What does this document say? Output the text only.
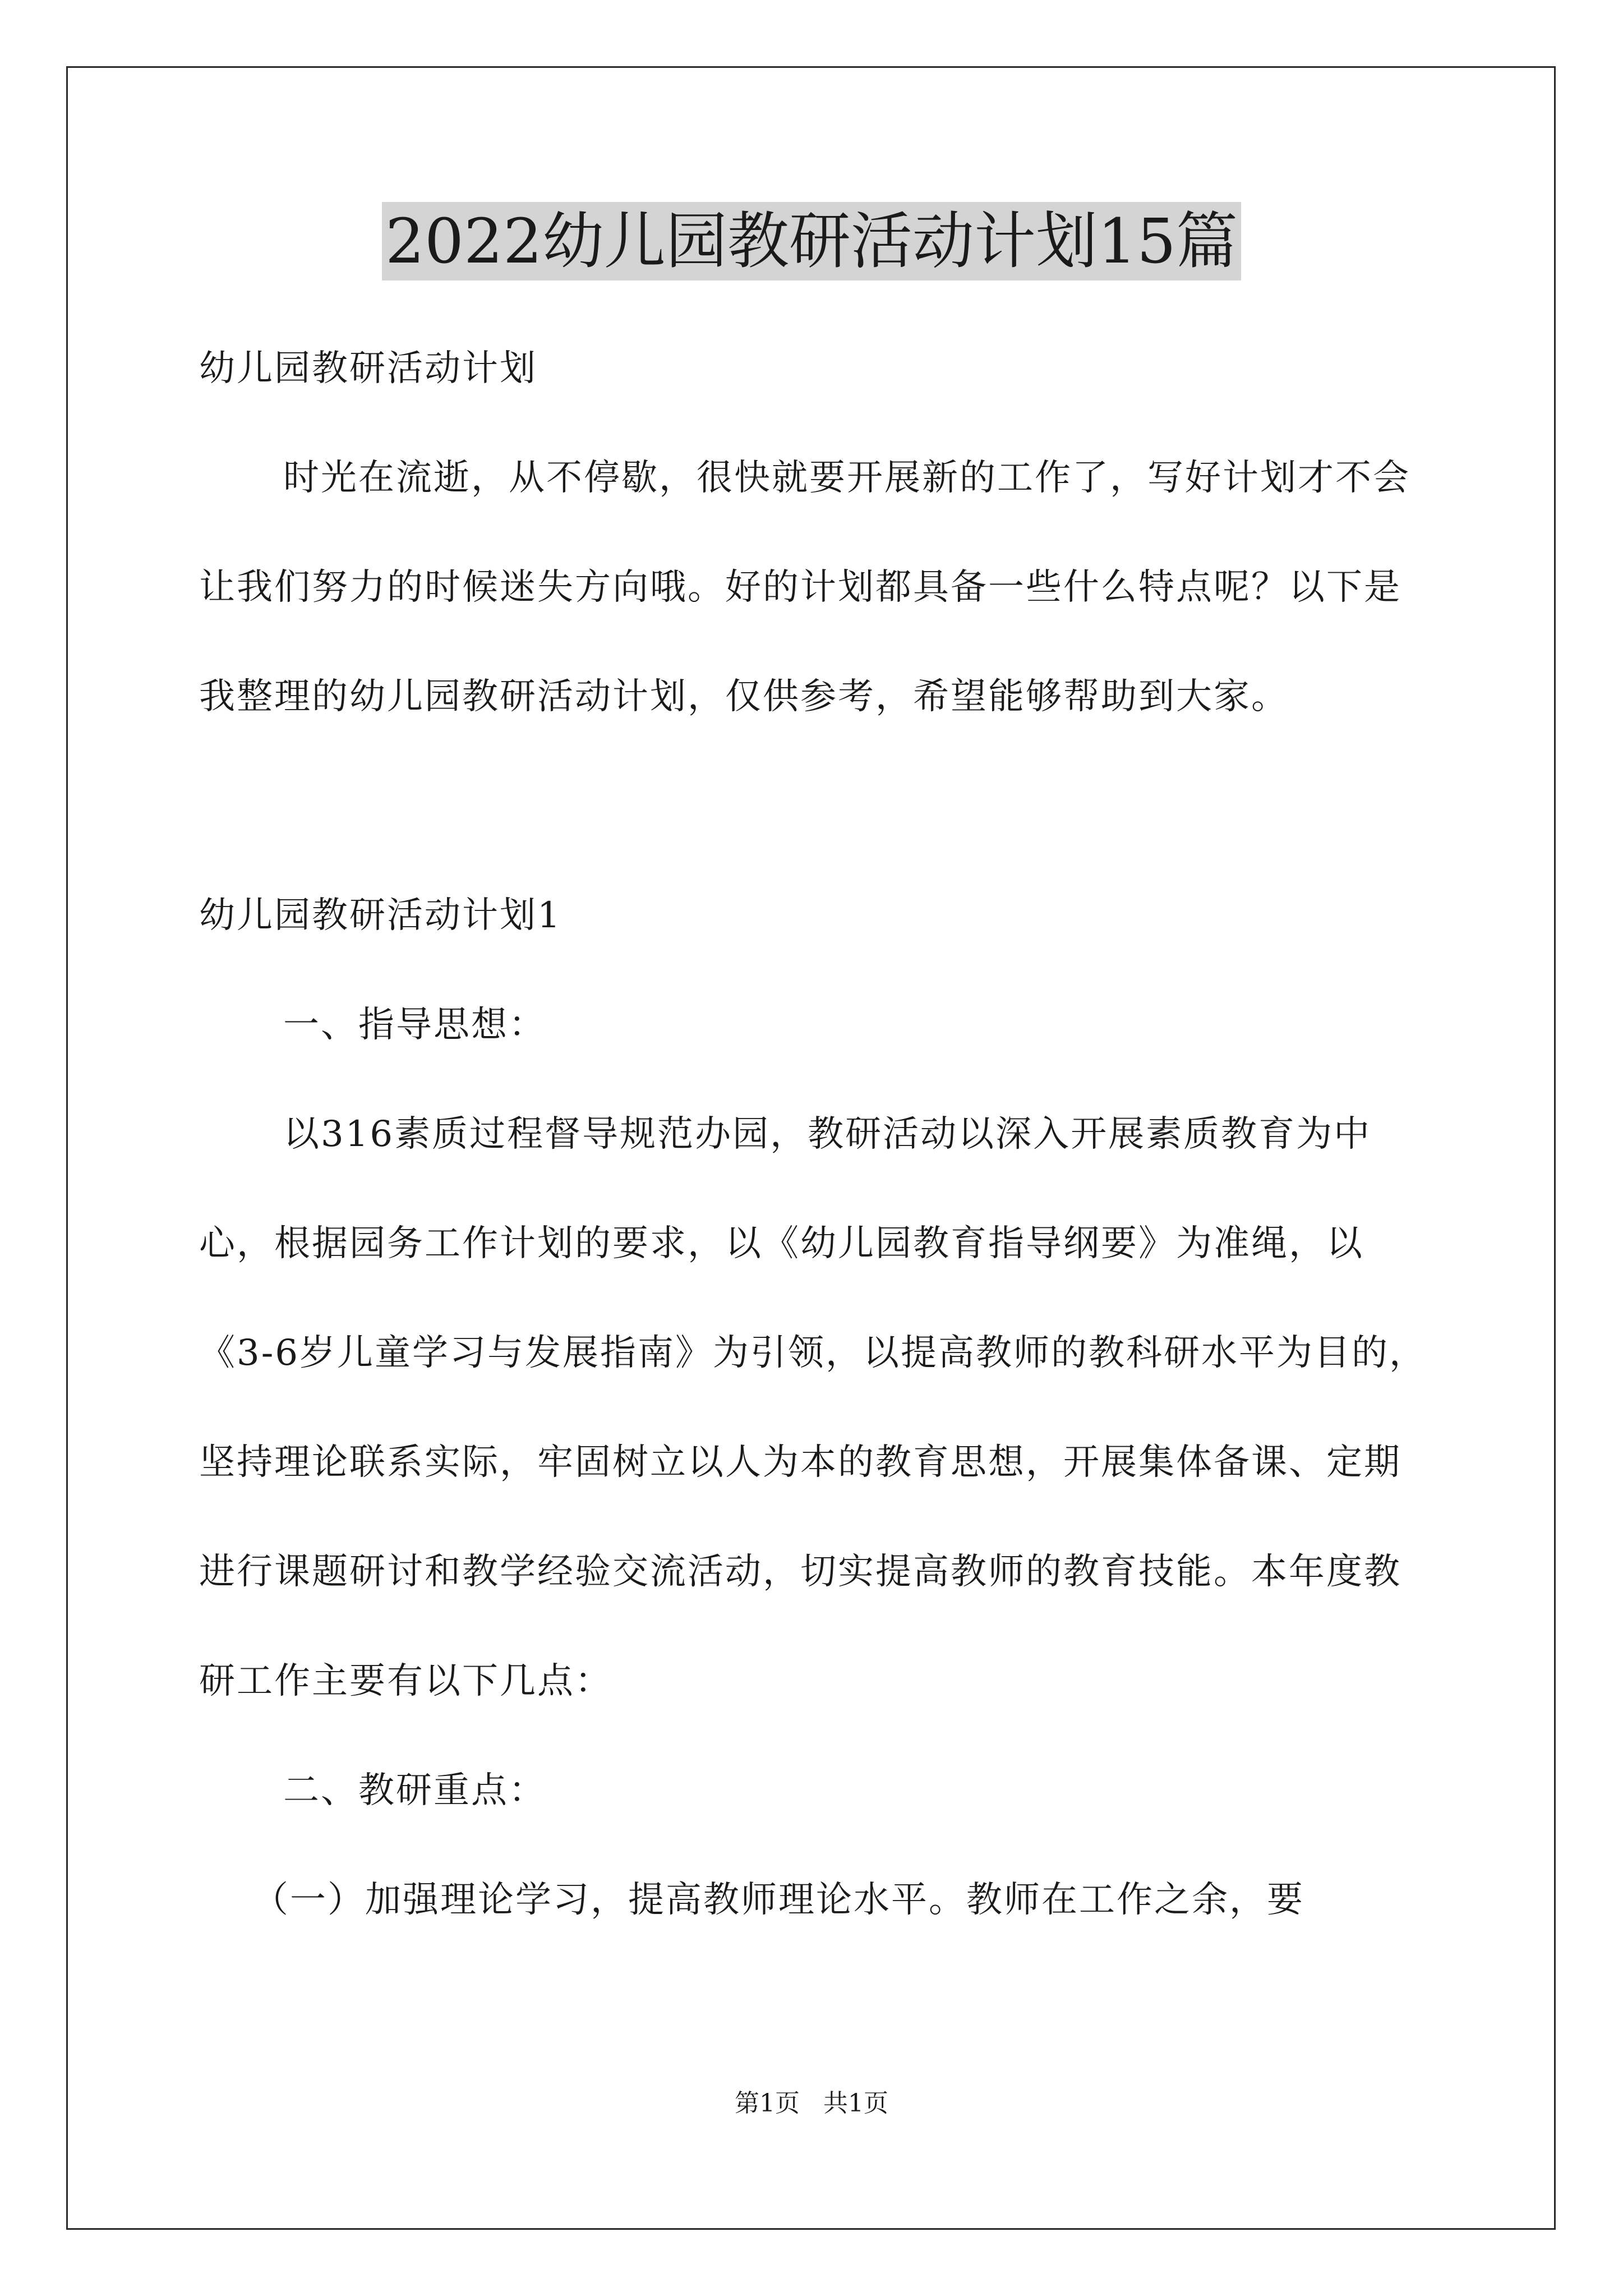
2022幼儿园教研活动计划15篇

幼儿园教研活动计划

时光在流逝，从不停歇，很快就要开展新的工作了，写好计划才不会让我们努力的时候迷失方向哦。好的计划都具备一些什么特点呢？以下是我整理的幼儿园教研活动计划，仅供参考，希望能够帮助到大家。

幼儿园教研活动计划1

一、指导思想：

以316素质过程督导规范办园，教研活动以深入开展素质教育为中心，根据园务工作计划的要求，以《幼儿园教育指导纲要》为准绳，以《3-6岁儿童学习与发展指南》为引领，以提高教师的教科研水平为目的，坚持理论联系实际，牢固树立以人为本的教育思想，开展集体备课、定期进行课题研讨和教学经验交流活动，切实提高教师的教育技能。本年度教研工作主要有以下几点：

二、教研重点：

（一）加强理论学习，提高教师理论水平。教师在工作之余，要

第1页   共1页
